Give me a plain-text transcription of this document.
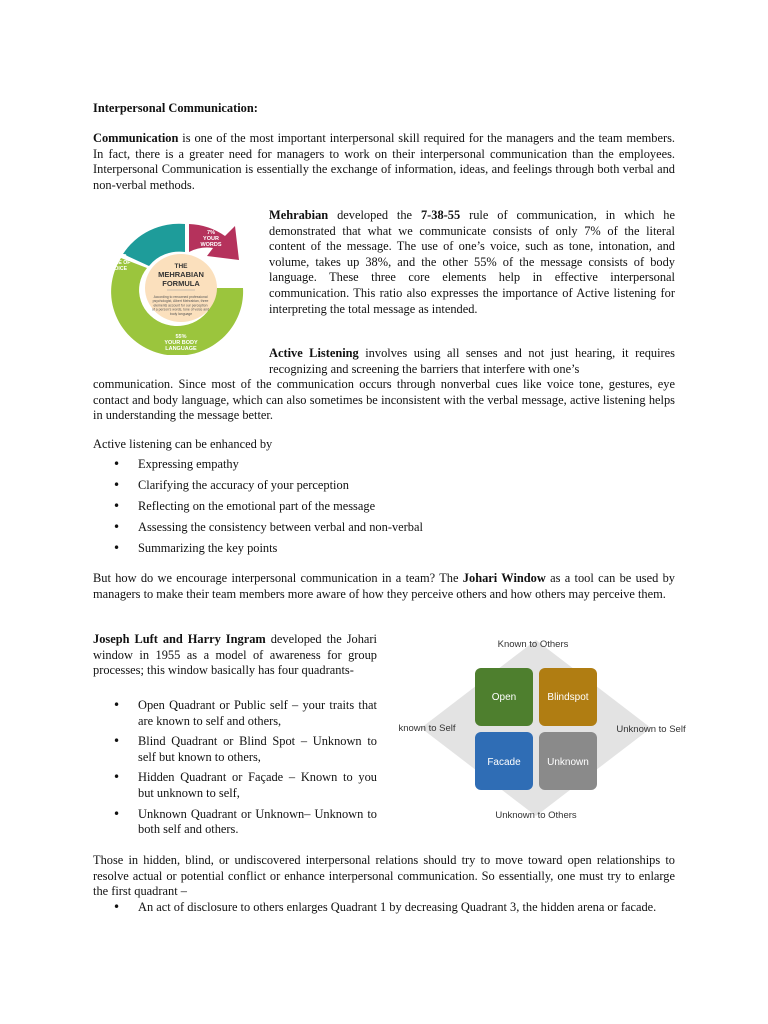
Interpersonal Communication:

Communication is one of the most important interpersonal skill required for the managers and the team members. In fact, there is a greater need for managers to work on their interpersonal communication than the employees. Interpersonal Communication is essentially the exchange of information, ideas, and feelings through both verbal and non-verbal methods.

THE
MEHRABIAN
FORMULA
According to renowned professional psychologist, Albert Mehrabian, three elements account for our perception of a person's words, tone of voice and body language
7% YOUR WORDS
38% YOUR TONE OF VOICE
55% YOUR BODY LANGUAGE

Mehrabian developed the 7-38-55 rule of communication, in which he demonstrated that what we communicate consists of only 7% of the literal content of the message. The use of one’s voice, such as tone, intonation, and volume, takes up 38%, and the other 55% of the message consists of body language. These three core elements help in effective interpersonal communication. This ratio also expresses the importance of Active listening for interpreting the total message as intended.

Active Listening involves using all senses and not just hearing, it requires recognizing and screening the barriers that interfere with one’s

communication. Since most of the communication occurs through nonverbal cues like voice tone, gestures, eye contact and body language, which can also sometimes be inconsistent with the verbal message, active listening helps in understanding the message better.

Active listening can be enhanced by

• Expressing empathy
• Clarifying the accuracy of your perception
• Reflecting on the emotional part of the message
• Assessing the consistency between verbal and non-verbal
• Summarizing the key points

But how do we encourage interpersonal communication in a team? The Johari Window as a tool can be used by managers to make their team members more aware of how they perceive others and how others may perceive them.

Joseph Luft and Harry Ingram developed the Johari window in 1955 as a model of awareness for group processes; this window basically has four quadrants-

• Open Quadrant or Public self – your traits that are known to self and others,
• Blind Quadrant or Blind Spot – Unknown to self but known to others,
• Hidden Quadrant or Façade – Known to you but unknown to self,
• Unknown Quadrant or Unknown– Unknown to both self and others.
Open	Blindspot
Facade	Unknown
Known to Others
Unknown to Others
known to Self	Unknown to Self

Those in hidden, blind, or undiscovered interpersonal relations should try to move toward open relationships to resolve actual or potential conflict or enhance interpersonal communication. So essentially, one must try to enlarge the first quadrant –

• An act of disclosure to others enlarges Quadrant 1 by decreasing Quadrant 3, the hidden arena or facade.
